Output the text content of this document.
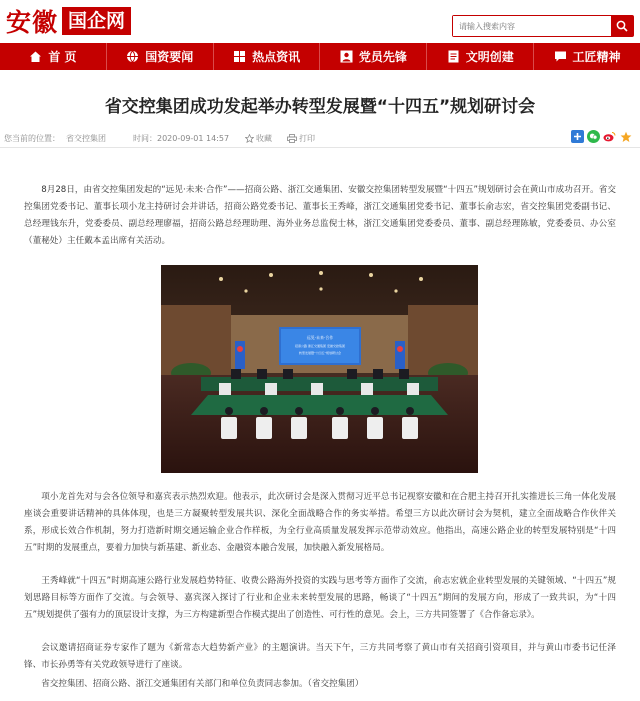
安徽 国企网
请输入搜索内容
首 页	国资要闻	热点资讯	党员先锋	文明创建	工匠精神
省交控集团成功发起举办转型发展暨“十四五”规划研讨会
您当前的位置： 省交控集团	时间：2020-09-01 14:57	收藏	打印

8月28日，由省交控集团发起的“远见·未来·合作”——招商公路、浙江交通集团、安徽交控集团转型发展暨“十四五”规划研讨会在黄山市成功召开。省交控集团党委书记、董事长项小龙主持研讨会并讲话，招商公路党委书记、董事长王秀峰，浙江交通集团党委书记、董事长俞志宏，省交控集团党委副书记、总经理钱东升，党委委员、副总经理廖福，招商公路总经理助理、海外业务总监倪士林，浙江交通集团党委委员、董事、副总经理陈敏，党委委员、办公室（董秘处）主任戴本孟出席有关活动。

远见·未来·合作
招商公路 浙江交通集团 安徽交控集团
转型发展暨“十四五”规划研讨会

项小龙首先对与会各位领导和嘉宾表示热烈欢迎。他表示，此次研讨会是深入贯彻习近平总书记视察安徽和在合肥主持召开扎实推进长三角一体化发展座谈会重要讲话精神的具体体现，也是三方凝聚转型发展共识、深化全面战略合作的务实举措。希望三方以此次研讨会为契机，建立全面战略合作伙伴关系，形成长效合作机制，努力打造新时期交通运输企业合作样板，为全行业高质量发展发挥示范带动效应。他指出，高速公路企业的转型发展特别是“十四五”时期的发展重点，要着力加快与新基建、新业态、金融资本融合发展，加快融入新发展格局。

王秀峰就“十四五”时期高速公路行业发展趋势特征、收费公路海外投资的实践与思考等方面作了交流，俞志宏就企业转型发展的关键领域、“十四五”规划思路目标等方面作了交流。与会领导、嘉宾深入探讨了行业和企业未来转型发展的思路，畅谈了“十四五”期间的发展方向，形成了一致共识，为“十四五”规划提供了强有力的顶层设计支撑，为三方构建新型合作模式提出了创造性、可行性的意见。会上，三方共同签署了《合作备忘录》。

会议邀请招商证券专家作了题为《新常态大趋势新产业》的主题演讲。当天下午，三方共同考察了黄山市有关招商引资项目，并与黄山市委书记任泽锋、市长孙勇等有关党政领导进行了座谈。

省交控集团、招商公路、浙江交通集团有关部门和单位负责同志参加。（省交控集团）
